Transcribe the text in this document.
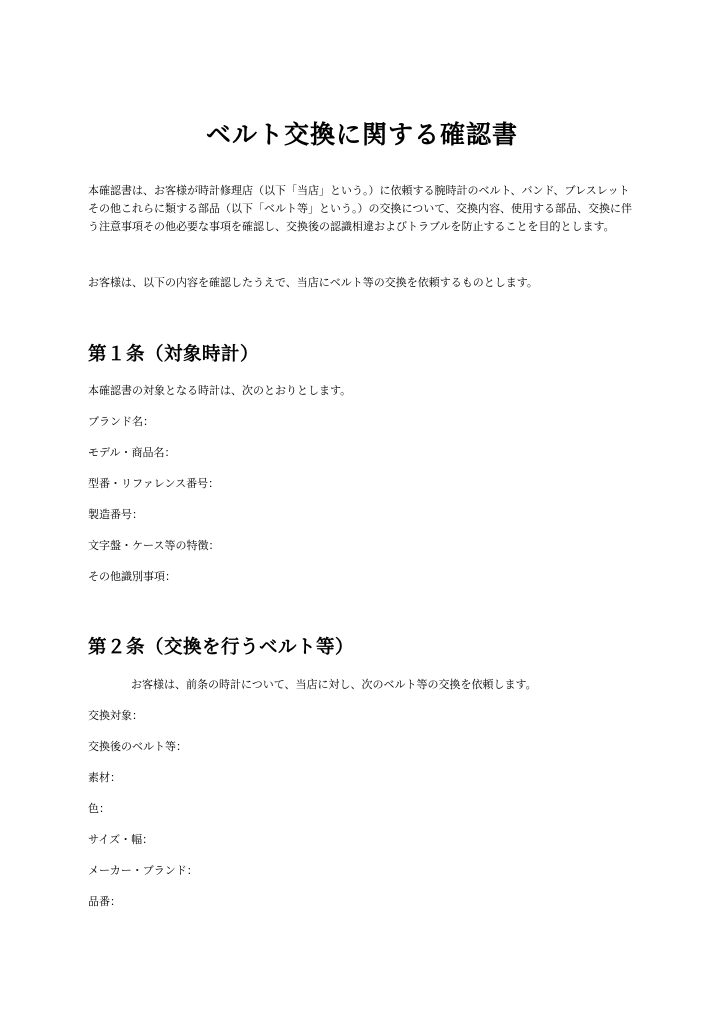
ベルト交換に関する確認書

本確認書は、お客様が時計修理店（以下「当店」という。）に依頼する腕時計のベルト、バンド、ブレスレットその他これらに類する部品（以下「ベルト等」という。）の交換について、交換内容、使用する部品、交換に伴う注意事項その他必要な事項を確認し、交換後の認識相違およびトラブルを防止することを目的とします。

お客様は、以下の内容を確認したうえで、当店にベルト等の交換を依頼するものとします。

第１条（対象時計）

本確認書の対象となる時計は、次のとおりとします。

ブランド名：

モデル・商品名：

型番・リファレンス番号：

製造番号：

文字盤・ケース等の特徴：

その他識別事項：

第２条（交換を行うベルト等）

お客様は、前条の時計について、当店に対し、次のベルト等の交換を依頼します。

交換対象：

交換後のベルト等：

素材：

色：

サイズ・幅：

メーカー・ブランド：

品番：
